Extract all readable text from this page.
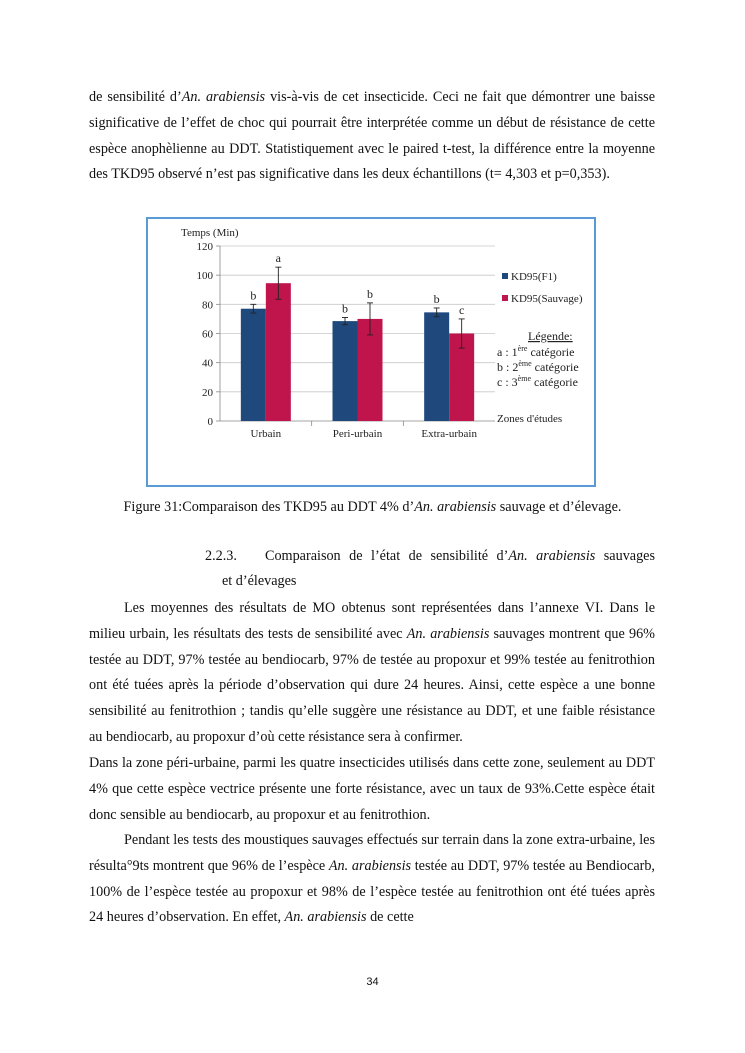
de sensibilité d’An. arabiensis vis-à-vis de cet insecticide. Ceci ne fait que démontrer une baisse significative de l’effet de choc qui pourrait être interprétée comme un début de résistance de cette espèce anophèlienne au DDT. Statistiquement avec le paired t-test, la différence entre la moyenne des TKD95 observé n’est pas significative dans les deux échantillons (t= 4,303 et p=0,353).

0
20
40
60
80
100
120
Temps (Min)
Zones d'études
Urbain
b
a
Peri-urbain
b
b
Extra-urbain
b
c
KD95(F1)
KD95(Sauvage)
Légende:
a : 1ère catégorie
b : 2ème catégorie
c : 3ème catégorie
Figure 31:Comparaison des TKD95 au DDT 4% d’An. arabiensis sauvage et d’élevage.
2.2.3. Comparaison de l’état de sensibilité d’An. arabiensis sauvages
et d’élevages

Les moyennes des résultats de MO obtenus sont représentées dans l’annexe VI. Dans le milieu urbain, les résultats des tests de sensibilité avec An. arabiensis sauvages montrent que 96% testée au DDT, 97% testée au bendiocarb, 97% de testée au propoxur et 99% testée au fenitrothion ont été tuées après la période d’observation qui dure 24 heures. Ainsi, cette espèce a une bonne sensibilité au fenitrothion ; tandis qu’elle suggère une résistance au DDT, et une faible résistance au bendiocarb, au propoxur d’où cette résistance sera à confirmer.

Dans la zone péri-urbaine, parmi les quatre insecticides utilisés dans cette zone, seulement au DDT 4% que cette espèce vectrice présente une forte résistance, avec un taux de 93%.Cette espèce était donc sensible au bendiocarb, au propoxur et au fenitrothion.

Pendant les tests des moustiques sauvages effectués sur terrain dans la zone extra-urbaine, les résulta°9ts montrent que 96% de l’espèce An. arabiensis testée au DDT, 97% testée au Bendiocarb, 100% de l’espèce testée au propoxur et 98% de l’espèce testée au fenitrothion ont été tuées après 24 heures d’observation. En effet, An. arabiensis de cette

34
